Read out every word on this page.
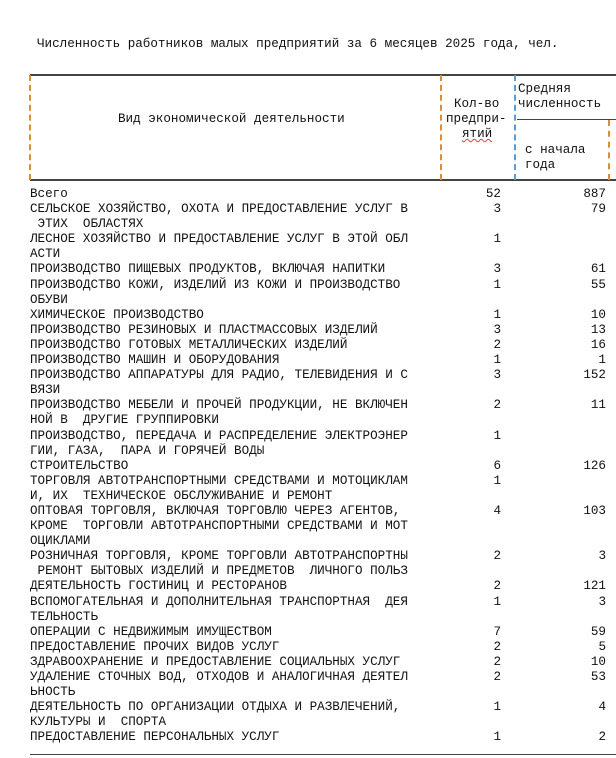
Численность работников малых предприятий за 6 месяцев 2025 года, чел.
Вид экономической деятельности
Кол-во
предпри-
ятий
Средняя
численность
с начала
года
Всего	52	887
СЕЛЬСКОЕ ХОЗЯЙСТВО, ОХОТА И ПРЕДОСТАВЛЕНИЕ УСЛУГ В
ЭТИХ  ОБЛАСТЯХ
3	79
ЛЕСНОЕ ХОЗЯЙСТВО И ПРЕДОСТАВЛЕНИЕ УСЛУГ В ЭТОЙ ОБЛ
АСТИ
1
ПРОИЗВОДСТВО ПИЩЕВЫХ ПРОДУКТОВ, ВКЛЮЧАЯ НАПИТКИ	3	61
ПРОИЗВОДСТВО КОЖИ, ИЗДЕЛИЙ ИЗ КОЖИ И ПРОИЗВОДСТВО
ОБУВИ
1	55
ХИМИЧЕСКОЕ ПРОИЗВОДСТВО	1	10
ПРОИЗВОДСТВО РЕЗИНОВЫХ И ПЛАСТМАССОВЫХ ИЗДЕЛИЙ	3	13
ПРОИЗВОДСТВО ГОТОВЫХ МЕТАЛЛИЧЕСКИХ ИЗДЕЛИЙ	2	16
ПРОИЗВОДСТВО МАШИН И ОБОРУДОВАНИЯ	1	1
ПРОИЗВОДСТВО АППАРАТУРЫ ДЛЯ РАДИО, ТЕЛЕВИДЕНИЯ И С
ВЯЗИ
3	152
ПРОИЗВОДСТВО МЕБЕЛИ И ПРОЧЕЙ ПРОДУКЦИИ, НЕ ВКЛЮЧЕН
НОЙ В  ДРУГИЕ ГРУППИРОВКИ
2	11
ПРОИЗВОДСТВО, ПЕРЕДАЧА И РАСПРЕДЕЛЕНИЕ ЭЛЕКТРОЭНЕР
ГИИ, ГАЗА,  ПАРА И ГОРЯЧЕЙ ВОДЫ
1
СТРОИТЕЛЬСТВО	6	126
ТОРГОВЛЯ АВТОТРАНСПОРТНЫМИ СРЕДСТВАМИ И МОТОЦИКЛАМ
И, ИХ  ТЕХНИЧЕСКОЕ ОБСЛУЖИВАНИЕ И РЕМОНТ
1
ОПТОВАЯ ТОРГОВЛЯ, ВКЛЮЧАЯ ТОРГОВЛЮ ЧЕРЕЗ АГЕНТОВ,
КРОМЕ  ТОРГОВЛИ АВТОТРАНСПОРТНЫМИ СРЕДСТВАМИ И МОТ
ОЦИКЛАМИ
4	103
РОЗНИЧНАЯ ТОРГОВЛЯ, КРОМЕ ТОРГОВЛИ АВТОТРАНСПОРТНЫ
РЕМОНТ БЫТОВЫХ ИЗДЕЛИЙ И ПРЕДМЕТОВ  ЛИЧНОГО ПОЛЬЗ
2	3
ДЕЯТЕЛЬНОСТЬ ГОСТИНИЦ И РЕСТОРАНОВ	2	121
ВСПОМОГАТЕЛЬНАЯ И ДОПОЛНИТЕЛЬНАЯ ТРАНСПОРТНАЯ  ДЕЯ
ТЕЛЬНОСТЬ
1	3
ОПЕРАЦИИ С НЕДВИЖИМЫМ ИМУЩЕСТВОМ	7	59
ПРЕДОСТАВЛЕНИЕ ПРОЧИХ ВИДОВ УСЛУГ	2	5
ЗДРАВООХРАНЕНИЕ И ПРЕДОСТАВЛЕНИЕ СОЦИАЛЬНЫХ УСЛУГ	2	10
УДАЛЕНИЕ СТОЧНЫХ ВОД, ОТХОДОВ И АНАЛОГИЧНАЯ ДЕЯТЕЛ
ЬНОСТЬ
2	53
ДЕЯТЕЛЬНОСТЬ ПО ОРГАНИЗАЦИИ ОТДЫХА И РАЗВЛЕЧЕНИЙ,
КУЛЬТУРЫ И  СПОРТА
1	4
ПРЕДОСТАВЛЕНИЕ ПЕРСОНАЛЬНЫХ УСЛУГ	1	2
